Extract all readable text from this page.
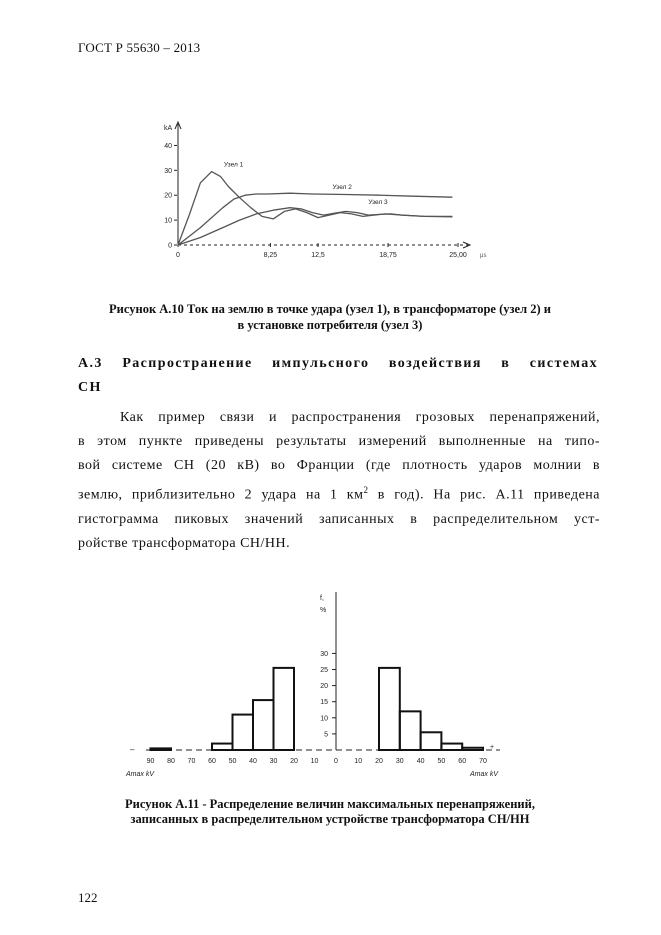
ГОСТ Р 55630 – 2013
kA
40
30
20
10
0
0	8,25	12,5	18,75	25,00 μs
Узел 1
Узел 2
Узел 3
Рисунок А.10 Ток на землю в точке удара (узел 1), в трансформаторе (узел 2) и
в установке потребителя (узел 3)
А.3 Распространение импульсного воздействия в системах
СН
Как пример связи и распространения грозовых перенапряжений,
в этом пункте приведены результаты измерений выполненные на типо-
вой системе СН (20 кВ) во Франции (где плотность ударов молнии в
землю, приблизительно 2 удара на 1 $км^2$ в год). На рис. А.11 приведена
гистограмма пиковых значений записанных в распределительном уст-
ройстве трансформатора СН/НН.
f,
%
30
25
20
15
10
5
90 80 70 60 50 40 30 20 10 0 10 20 30 40 50 60 70
–	+
Amax kV	Amax kV
Рисунок А.11 - Распределение величин максимальных перенапряжений,
записанных в распределительном устройстве трансформатора СН/НН
122
